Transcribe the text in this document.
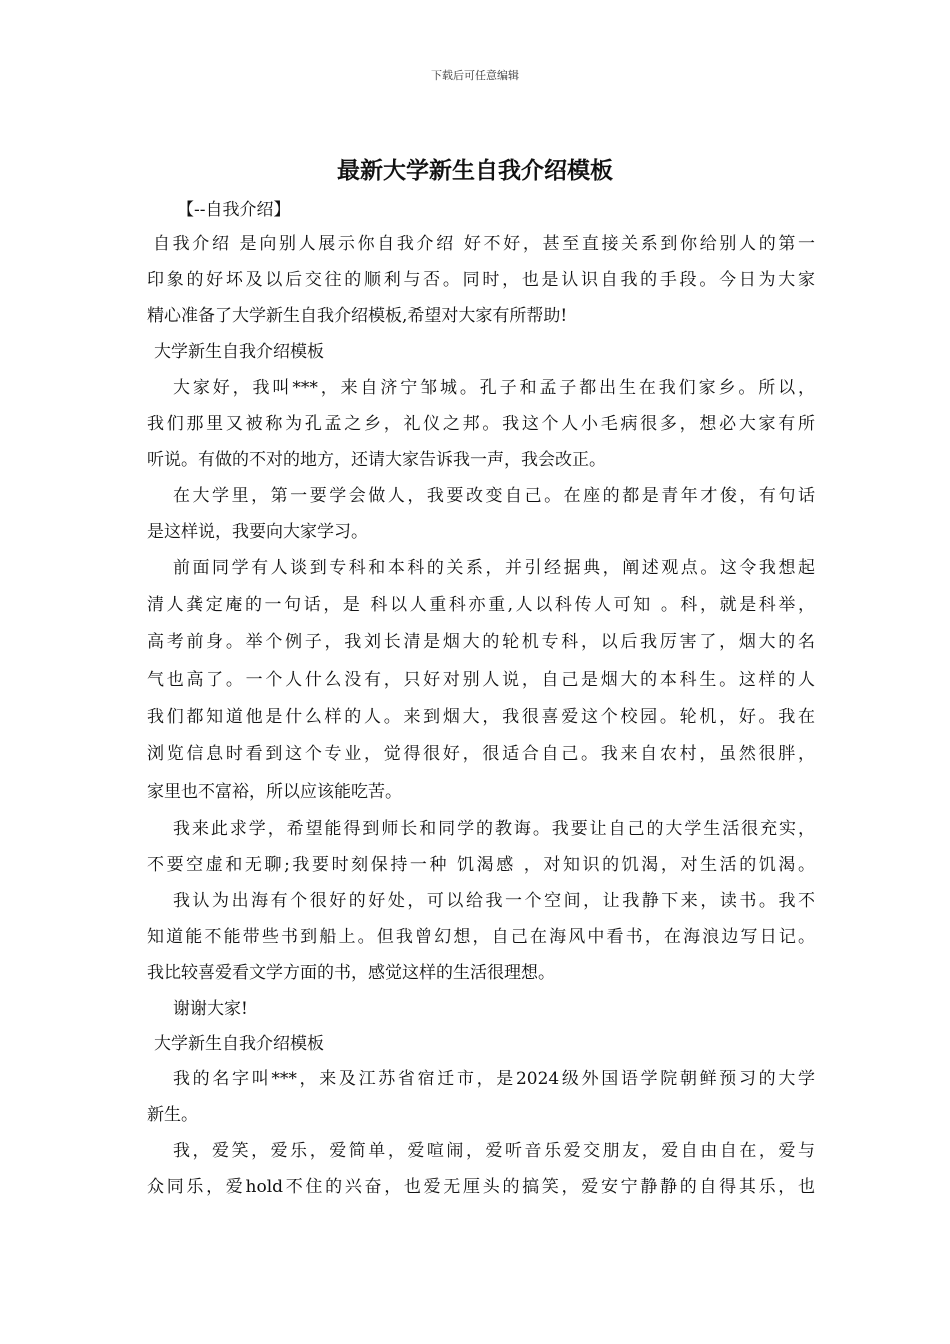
下载后可任意编辑
最新大学新生自我介绍模板
【--自我介绍】
自我介绍 是向别人展示你自我介绍 好不好，甚至直接关系到你给别人的第一
印象的好坏及以后交往的顺利与否。同时，也是认识自我的手段。今日为大家
精心准备了大学新生自我介绍模板,希望对大家有所帮助!
大学新生自我介绍模板
大家好，我叫***，来自济宁邹城。孔子和孟子都出生在我们家乡。所以，
我们那里又被称为孔孟之乡，礼仪之邦。我这个人小毛病很多，想必大家有所
听说。有做的不对的地方，还请大家告诉我一声，我会改正。
在大学里，第一要学会做人，我要改变自己。在座的都是青年才俊，有句话
是这样说，我要向大家学习。
前面同学有人谈到专科和本科的关系，并引经据典，阐述观点。这令我想起
清人龚定庵的一句话，是 科以人重科亦重,人以科传人可知 。科，就是科举，
高考前身。举个例子，我刘长清是烟大的轮机专科，以后我厉害了，烟大的名
气也高了。一个人什么没有，只好对别人说，自己是烟大的本科生。这样的人
我们都知道他是什么样的人。来到烟大，我很喜爱这个校园。轮机，好。我在
浏览信息时看到这个专业，觉得很好，很适合自己。我来自农村，虽然很胖，
家里也不富裕，所以应该能吃苦。
我来此求学，希望能得到师长和同学的教诲。我要让自己的大学生活很充实，
不要空虚和无聊;我要时刻保持一种 饥渴感 ，对知识的饥渴，对生活的饥渴。
我认为出海有个很好的好处，可以给我一个空间，让我静下来，读书。我不
知道能不能带些书到船上。但我曾幻想，自己在海风中看书，在海浪边写日记。
我比较喜爱看文学方面的书，感觉这样的生活很理想。
谢谢大家!
大学新生自我介绍模板
我的名字叫***，来及江苏省宿迁市，是2024级外国语学院朝鲜预习的大学
新生。
我，爱笑，爱乐，爱简单，爱喧闹，爱听音乐爱交朋友，爱自由自在，爱与
众同乐，爱hold不住的兴奋，也爱无厘头的搞笑，爱安宁静静的自得其乐，也
